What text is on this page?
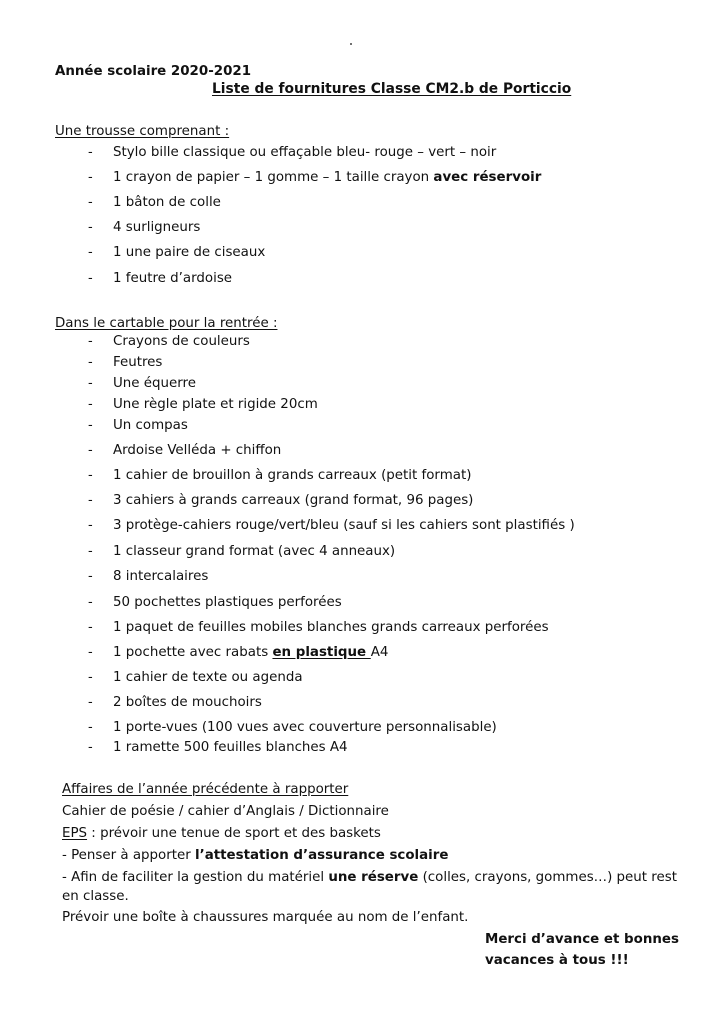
Année scolaire 2020-2021
Liste de fournitures Classe CM2.b de Porticcio
Une trousse comprenant :
- Stylo bille classique ou effaçable bleu- rouge – vert – noir
- 1 crayon de papier – 1 gomme – 1 taille crayon avec réservoir
- 1 bâton de colle
- 4 surligneurs
- 1 une paire de ciseaux
- 1 feutre d’ardoise
Dans le cartable pour la rentrée :
- Crayons de couleurs
- Feutres
- Une équerre
- Une règle plate et rigide 20cm
- Un compas
- Ardoise Velléda + chiffon
- 1 cahier de brouillon à grands carreaux (petit format)
- 3 cahiers à grands carreaux (grand format, 96 pages)
- 3 protège-cahiers rouge/vert/bleu (sauf si les cahiers sont plastifiés )
- 1 classeur grand format (avec 4 anneaux)
- 8 intercalaires
- 50 pochettes plastiques perforées
- 1 paquet de feuilles mobiles blanches grands carreaux perforées
- 1 pochette avec rabats en plastique A4
- 1 cahier de texte ou agenda
- 2 boîtes de mouchoirs
- 1 porte-vues (100 vues avec couverture personnalisable)
- 1 ramette 500 feuilles blanches A4
Affaires de l’année précédente à rapporter
Cahier de poésie / cahier d’Anglais / Dictionnaire
EPS : prévoir une tenue de sport et des baskets
- Penser à apporter l’attestation d’assurance scolaire
- Afin de faciliter la gestion du matériel une réserve (colles, crayons, gommes…) peut rest
en classe.
Prévoir une boîte à chaussures marquée au nom de l’enfant.
Merci d’avance et bonnes
vacances à tous !!!
